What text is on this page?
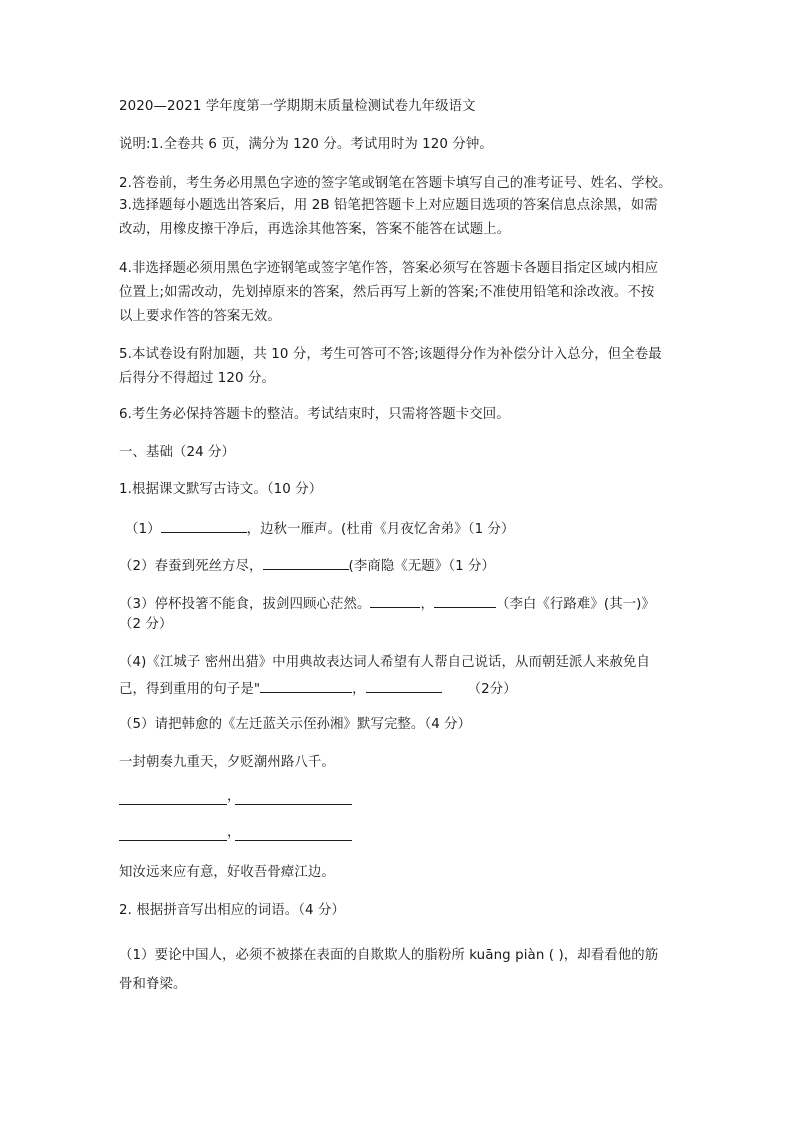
2020—2021 学年度第一学期期末质量检测试卷九年级语文
说明:1.全卷共 6 页，满分为 120 分。考试用时为 120 分钟。
2.答卷前，考生务必用黑色字迹的签字笔或钢笔在答题卡填写自己的准考证号、姓名、学校。
3.选择题每小题选出答案后，用 2B 铅笔把答题卡上对应题目选项的答案信息点涂黑，如需
改动，用橡皮擦干净后，再选涂其他答案，答案不能答在试题上。
4.非选择题必须用黑色字迹钢笔或签字笔作答，答案必须写在答题卡各题目指定区域内相应
位置上;如需改动，先划掉原来的答案，然后再写上新的答案;不准使用铅笔和涂改液。不按
以上要求作答的答案无效。
5.本试卷设有附加题，共 10 分，考生可答可不答;该题得分作为补偿分计入总分，但全卷最
后得分不得超过 120 分。
6.考生务必保持答题卡的整洁。考试结束时，只需将答题卡交回。
一、基础（24 分）
1.根据课文默写古诗文。（10 分）
（1）	，边秋一雁声。(杜甫《月夜忆舍弟》（1 分）
（2）春蚕到死丝方尽，	(李商隐《无题》（1 分）
（3）停杯投箸不能食，拔剑四顾心茫然。	，	（李白《行路难》(其一)》
（2 分）
（4)《江城子 密州出猎》中用典故表达词人希望有人帮自己说话，从而朝廷派人来赦免自
己，得到重用的句子是"	，	（2分）
（5）请把韩愈的《左迁蓝关示侄孙湘》默写完整。（4 分）
一封朝奏九重天，夕贬潮州路八千。
，
，
知汝远来应有意，好收吾骨瘴江边。
2. 根据拼音写出相应的词语。（4 分）
（1）要论中国人，必须不被搽在表面的自欺欺人的脂粉所 kuāng piàn ( )，却看看他的筋
骨和脊梁。
